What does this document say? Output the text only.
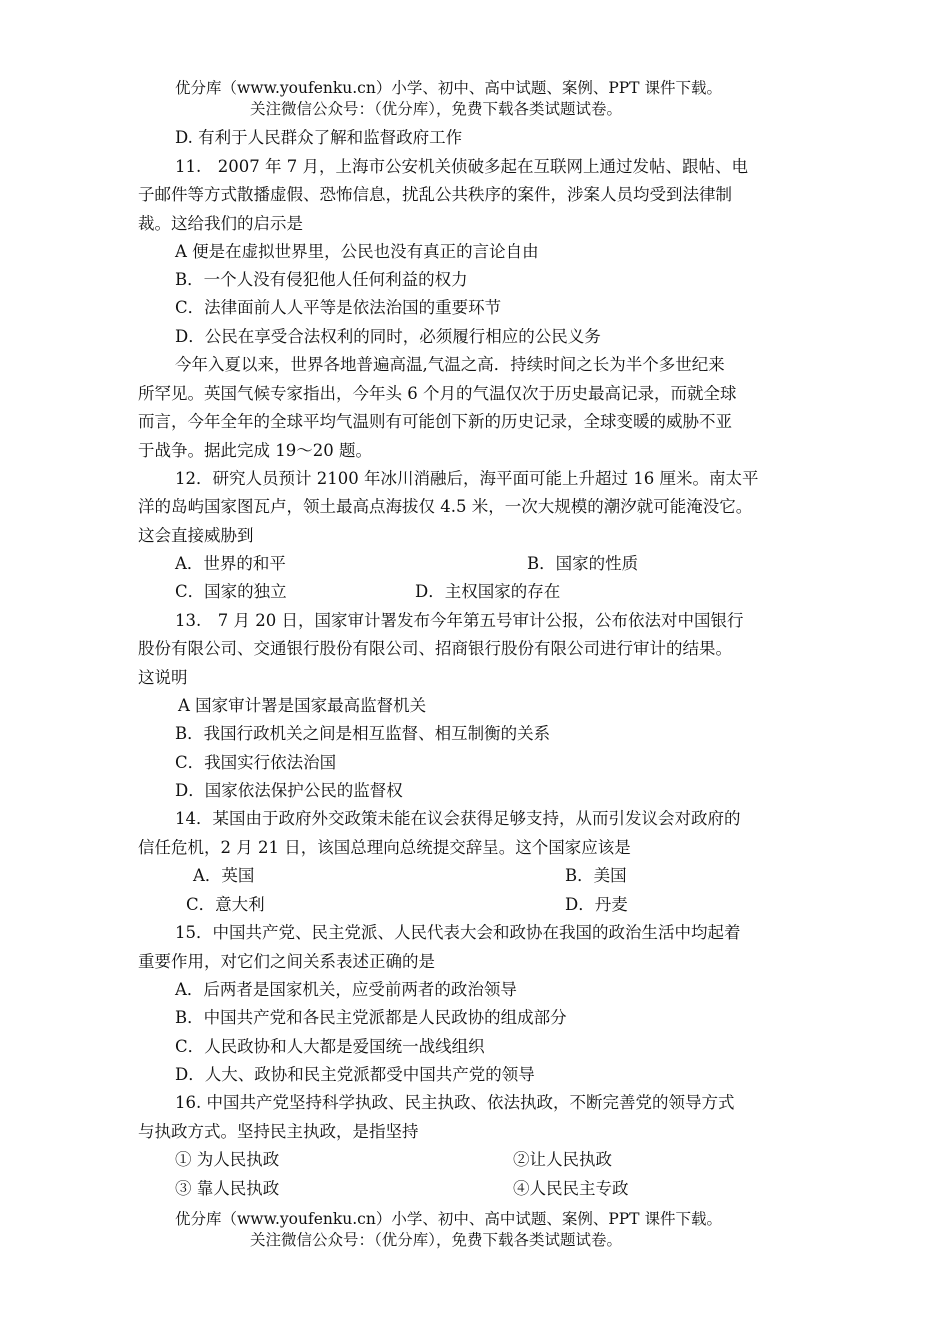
优分库（www.youfenku.cn）小学、初中、高中试题、案例、PPT 课件下载。
关注微信公众号：（优分库），免费下载各类试题试卷。
D. 有利于人民群众了解和监督政府工作
11.　2007 年 7 月，上海市公安机关侦破多起在互联网上通过发帖、跟帖、电
子邮件等方式散播虚假、恐怖信息，扰乱公共秩序的案件，涉案人员均受到法律制
裁。这给我们的启示是
A 便是在虚拟世界里，公民也没有真正的言论自由
B．一个人没有侵犯他人任何利益的权力
C．法律面前人人平等是依法治国的重要环节
D．公民在享受合法权利的同时，必须履行相应的公民义务
今年入夏以来，世界各地普遍高温,气温之高．持续时间之长为半个多世纪来
所罕见。英国气候专家指出，今年头 6 个月的气温仅次于历史最高记录，而就全球
而言，今年全年的全球平均气温则有可能创下新的历史记录，全球变暖的威胁不亚
于战争。据此完成 19～20 题。
12．研究人员预计 2100 年冰川消融后，海平面可能上升超过 16 厘米。南太平
洋的岛屿国家图瓦卢，领土最高点海拔仅 4.5 米，一次大规模的潮汐就可能淹没它。
这会直接威胁到
A．世界的和平	B．国家的性质
C．国家的独立	D．主权国家的存在
13.　7 月 20 日，国家审计署发布今年第五号审计公报，公布依法对中国银行
股份有限公司、交通银行股份有限公司、招商银行股份有限公司进行审计的结果。
这说明
A 国家审计署是国家最高监督机关
B．我国行政机关之间是相互监督、相互制衡的关系
C．我国实行依法治国
D．国家依法保护公民的监督权
14．某国由于政府外交政策未能在议会获得足够支持，从而引发议会对政府的
信任危机，2 月 21 日，该国总理向总统提交辞呈。这个国家应该是
A．英国	B．美国
C．意大利	D．丹麦
15．中国共产党、民主党派、人民代表大会和政协在我国的政治生活中均起着
重要作用，对它们之间关系表述正确的是
A．后两者是国家机关，应受前两者的政治领导
B．中国共产党和各民主党派都是人民政协的组成部分
C．人民政协和人大都是爱国统一战线组织
D．人大、政协和民主党派都受中国共产党的领导
16. 中国共产党坚持科学执政、民主执政、依法执政，不断完善党的领导方式
与执政方式。坚持民主执政，是指坚持
① 为人民执政	②让人民执政
③ 靠人民执政	④人民民主专政
优分库（www.youfenku.cn）小学、初中、高中试题、案例、PPT 课件下载。
关注微信公众号：（优分库），免费下载各类试题试卷。
